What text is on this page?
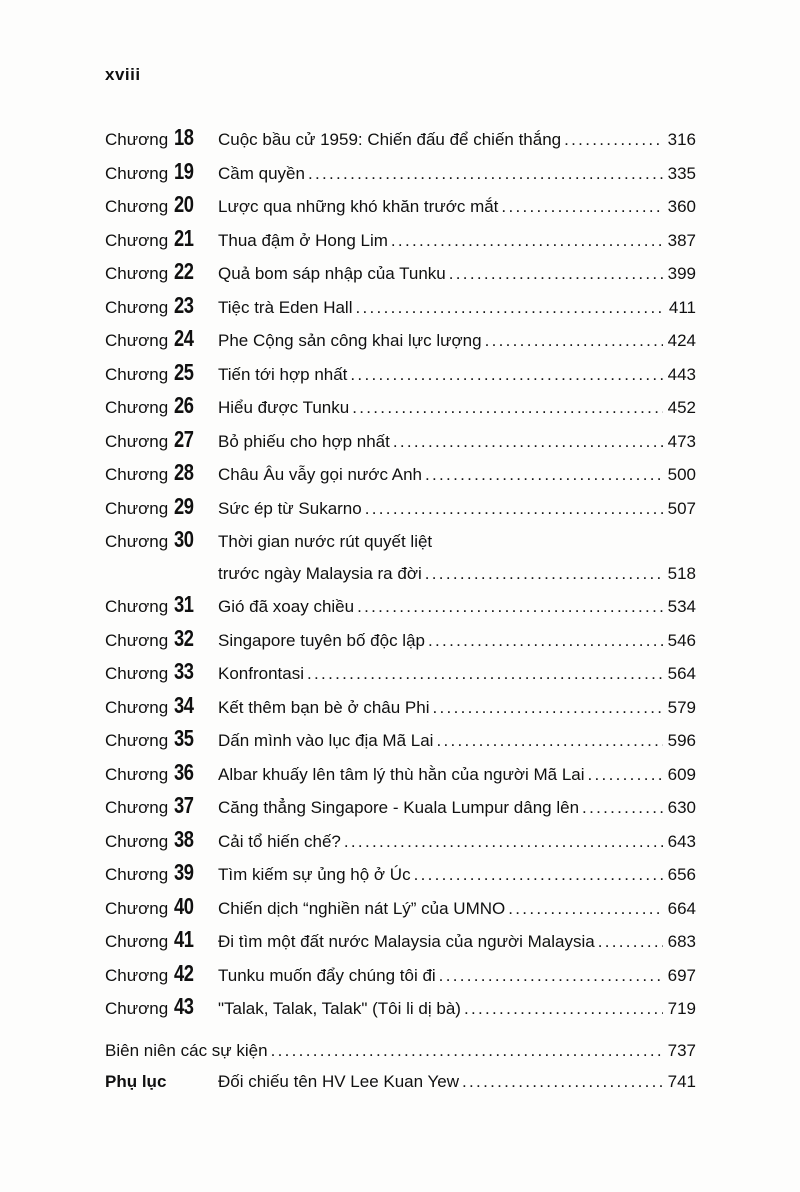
xviii
Chương 18 Cuộc bầu cử 1959: Chiến đấu để chiến thắng .....	316
Chương 19 Cầm quyền .....	335
Chương 20 Lược qua những khó khăn trước mắt .....	360
Chương 21 Thua đậm ở Hong Lim .....	387
Chương 22 Quả bom sáp nhập của Tunku .....	399
Chương 23 Tiệc trà Eden Hall .....	411
Chương 24 Phe Cộng sản công khai lực lượng .....	424
Chương 25 Tiến tới hợp nhất .....	443
Chương 26 Hiểu được Tunku .....	452
Chương 27 Bỏ phiếu cho hợp nhất .....	473
Chương 28 Châu Âu vẫy gọi nước Anh .....	500
Chương 29 Sức ép từ Sukarno .....	507
Chương 30 Thời gian nước rút quyết liệt
trước ngày Malaysia ra đời .....	518
Chương 31 Gió đã xoay chiều .....	534
Chương 32 Singapore tuyên bố độc lập .....	546
Chương 33 Konfrontasi .....	564
Chương 34 Kết thêm bạn bè ở châu Phi .....	579
Chương 35 Dấn mình vào lục địa Mã Lai .....	596
Chương 36 Albar khuấy lên tâm lý thù hằn của người Mã Lai .....	609
Chương 37 Căng thẳng Singapore - Kuala Lumpur dâng lên .....	630
Chương 38 Cải tổ hiến chế? .....	643
Chương 39 Tìm kiếm sự ủng hộ ở Úc .....	656
Chương 40 Chiến dịch “nghiền nát Lý” của UMNO .....	664
Chương 41 Đi tìm một đất nước Malaysia của người Malaysia .....	683
Chương 42 Tunku muốn đẩy chúng tôi đi .....	697
Chương 43 "Talak, Talak, Talak" (Tôi li dị bà) .....	719
Biên niên các sự kiện .....	737
Phụ lục	Đối chiếu tên HV Lee Kuan Yew .....	741
